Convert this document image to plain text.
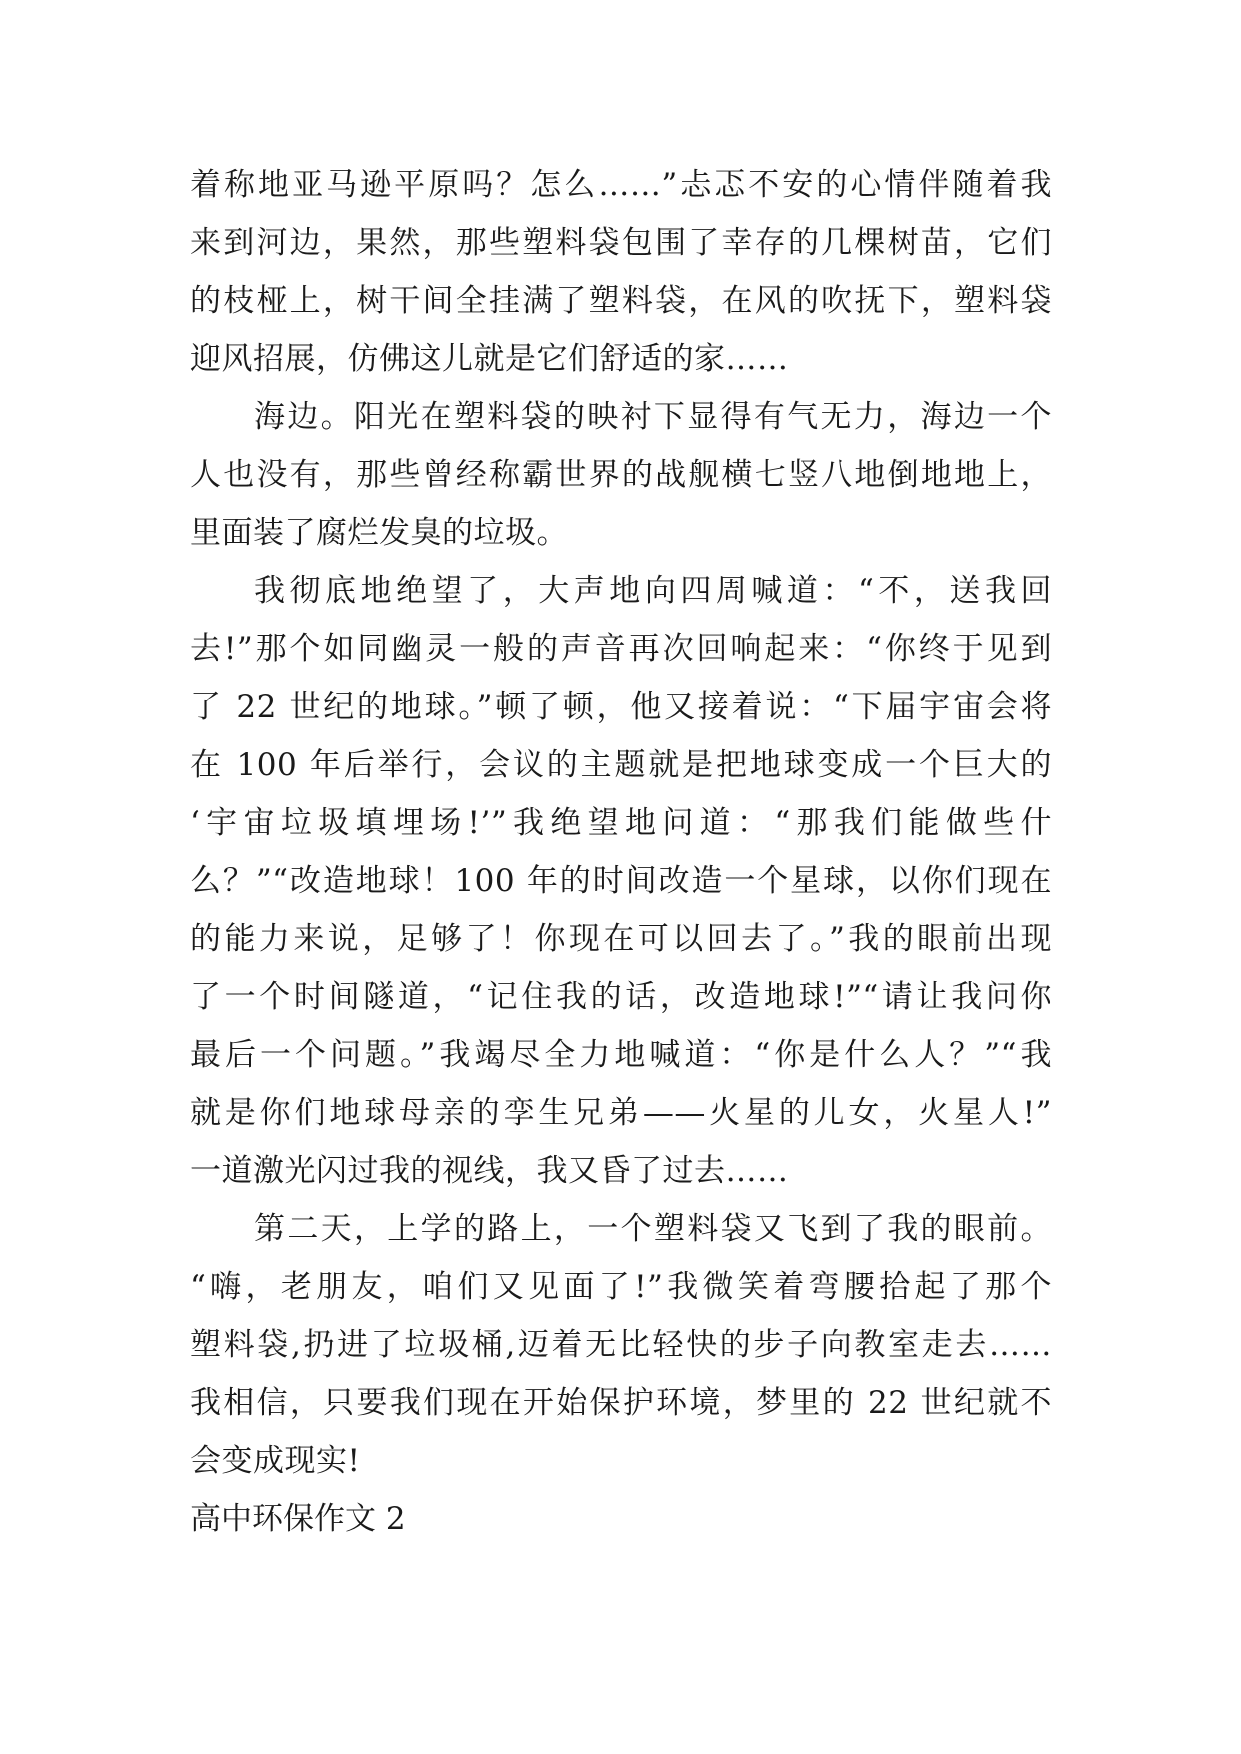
着称地亚马逊平原吗？怎么……”忐忑不安的心情伴随着我
来到河边，果然，那些塑料袋包围了幸存的几棵树苗，它们
的枝桠上，树干间全挂满了塑料袋，在风的吹抚下，塑料袋
迎风招展，仿佛这儿就是它们舒适的家……
海边。阳光在塑料袋的映衬下显得有气无力，海边一个
人也没有，那些曾经称霸世界的战舰横七竖八地倒地地上，
里面装了腐烂发臭的垃圾。
我彻底地绝望了，大声地向四周喊道：“不，送我回
去!”那个如同幽灵一般的声音再次回响起来：“你终于见到
了 22 世纪的地球。”顿了顿，他又接着说：“下届宇宙会将
在 100 年后举行，会议的主题就是把地球变成一个巨大的
‘宇宙垃圾填埋场!’”我绝望地问道：“那我们能做些什
么？”“改造地球！100 年的时间改造一个星球，以你们现在
的能力来说，足够了！你现在可以回去了。”我的眼前出现
了一个时间隧道，“记住我的话，改造地球!”“请让我问你
最后一个问题。”我竭尽全力地喊道：“你是什么人？”“我
就是你们地球母亲的孪生兄弟——火星的儿女，火星人!”
一道激光闪过我的视线，我又昏了过去……
第二天，上学的路上，一个塑料袋又飞到了我的眼前。
“嗨，老朋友，咱们又见面了!”我微笑着弯腰拾起了那个
塑料袋,扔进了垃圾桶,迈着无比轻快的步子向教室走去……
我相信，只要我们现在开始保护环境，梦里的 22 世纪就不
会变成现实!
高中环保作文 2
